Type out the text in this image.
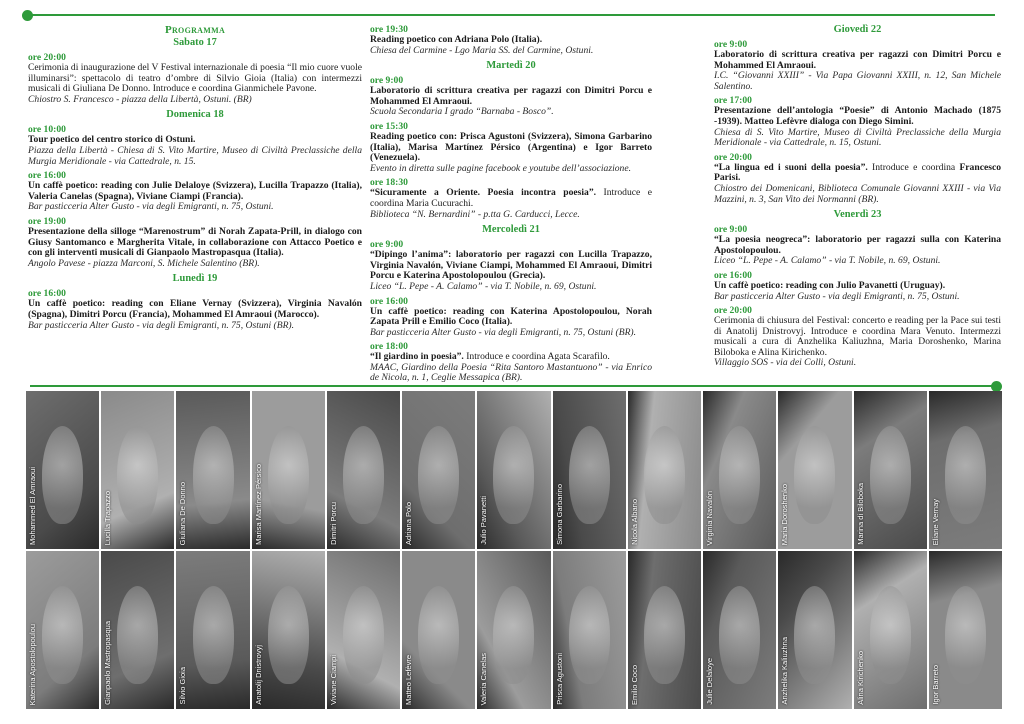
Programma
Sabato 17
ore 20:00

Cerimonia di inaugurazione del V Festival internazionale di poesia “Il mio cuore vuole illuminarsi”: spettacolo di teatro d’ombre di Silvio Gioia (Italia) con intermezzi musicali di Giuliana De Donno. Introduce e coordina Gianmichele Pavone.

Chiostro S. Francesco - piazza della Libertà, Ostuni. (BR)

Domenica 18
ore 10:00

Tour poetico del centro storico di Ostuni.

Piazza della Libertà - Chiesa di S. Vito Martire, Museo di Civiltà Preclassiche della Murgia Meridionale - via Cattedrale, n. 15.

ore 16:00

Un caffè poetico: reading con Julie Delaloye (Svizzera), Lucilla Trapazzo (Italia), Valeria Canelas (Spagna), Viviane Ciampi (Francia).

Bar pasticceria Alter Gusto - via degli Emigranti, n. 75, Ostuni.

ore 19:00

Presentazione della silloge “Marenostrum” di Norah Zapata-Prill, in dialogo con Giusy Santomanco e Margherita Vitale, in collaborazione con Attacco Poetico e con gli interventi musicali di Gianpaolo Mastropasqua (Italia).

Angolo Pavese - piazza Marconi, S. Michele Salentino (BR).

Lunedì 19
ore 16:00

Un caffè poetico: reading con Eliane Vernay (Svizzera), Virginia Navalón (Spagna), Dimitri Porcu (Francia), Mohammed El Amraoui (Marocco).

Bar pasticceria Alter Gusto - via degli Emigranti, n. 75, Ostuni (BR).

ore 19:30

Reading poetico con Adriana Polo (Italia).

Chiesa del Carmine - Lgo Maria SS. del Carmine, Ostuni.

Martedì 20
ore 9:00

Laboratorio di scrittura creativa per ragazzi con Dimitri Porcu e Mohammed El Amraoui.

Scuola Secondaria I grado “Barnaba - Bosco”.

ore 15:30

Reading poetico con: Prisca Agustoni (Svizzera), Simona Garbarino (Italia), Marisa Martínez Pérsico (Argentina) e Igor Barreto (Venezuela).

Evento in diretta sulle pagine facebook e youtube dell’associazione.

ore 18:30

“Sicuramente a Oriente. Poesia incontra poesia”. Introduce e coordina Maria Cucurachi.

Biblioteca “N. Bernardini” - p.tta G. Carducci, Lecce.

Mercoledì 21
ore 9:00

“Dipingo l’anima”: laboratorio per ragazzi con Lucilla Trapazzo, Virginia Navalón, Viviane Ciampi, Mohammed El Amraoui, Dimitri Porcu e Katerina Apostolopoulou (Grecia).

Liceo “L. Pepe - A. Calamo” - via T. Nobile, n. 69, Ostuni.

ore 16:00

Un caffè poetico: reading con Katerina Apostolopoulou, Norah Zapata Prill e Emilio Coco (Italia).

Bar pasticceria Alter Gusto - via degli Emigranti, n. 75, Ostuni (BR).

ore 18:00

“Il giardino in poesia”. Introduce e coordina Agata Scarafilo.

MAAC, Giardino della Poesia “Rita Santoro Mastantuono” - via Enrico de Nicola, n. 1, Ceglie Messapica (BR).

Giovedì 22
ore 9:00

Laboratorio di scrittura creativa per ragazzi con Dimitri Porcu e Mohammed El Amraoui.

I.C. “Giovanni XXIII” - Via Papa Giovanni XXIII, n. 12, San Michele Salentino.

ore 17:00

Presentazione dell’antologia “Poesie” di Antonio Machado (1875 -1939). Matteo Lefèvre dialoga con Diego Simini.

Chiesa di S. Vito Martire, Museo di Civiltà Preclassiche della Murgia Meridionale - via Cattedrale, n. 15, Ostuni.

ore 20:00

“La lingua ed i suoni della poesia”. Introduce e coordina Francesco Parisi.

Chiostro dei Domenicani, Biblioteca Comunale Giovanni XXIII - via Via Mazzini, n. 3, San Vito dei Normanni (BR).

Venerdì 23
ore 9:00

“La poesia neogreca”: laboratorio per ragazzi sulla con Katerina Apostolopoulou.

Liceo “L. Pepe - A. Calamo” - via T. Nobile, n. 69, Ostuni.

ore 16:00

Un caffè poetico: reading con Julio Pavanetti (Uruguay).

Bar pasticceria Alter Gusto - via degli Emigranti, n. 75, Ostuni.

ore 20:00

Cerimonia di chiusura del Festival: concerto e reading per la Pace sui testi di Anatolij Dnistrovyj. Introduce e coordina Mara Venuto. Intermezzi musicali a cura di Anzhelika Kaliuzhna, Maria Doroshenko, Marina Biloboka e Alina Kirichenko.

Villaggio SOS - via dei Colli, Ostuni.

Mohammed El Amraoui	Lucilla Trapazzo	Giuliana De Donno	Marisa Martínez Pérsico	Dimitri Porcu	Adriana Polo	Julio Pavanetti	Simona Garbarino	Nicola Albano	Virginia Navalón	Maria Doroshenko	Marina di Biloboka	Eliane Vernay
Katerina Apostolopoulou	Gianpaolo Mastropasqua	Silvio Gioia	Anatolij Dnistrovyj	Viviane Ciampi	Matteo Lefèvre	Valeria Canelas	Prisca Agustoni	Emilio Coco	Julie Delaloye	Anzhelika Kaliuzhna	Alina Kirichenko	Igor Barreto
